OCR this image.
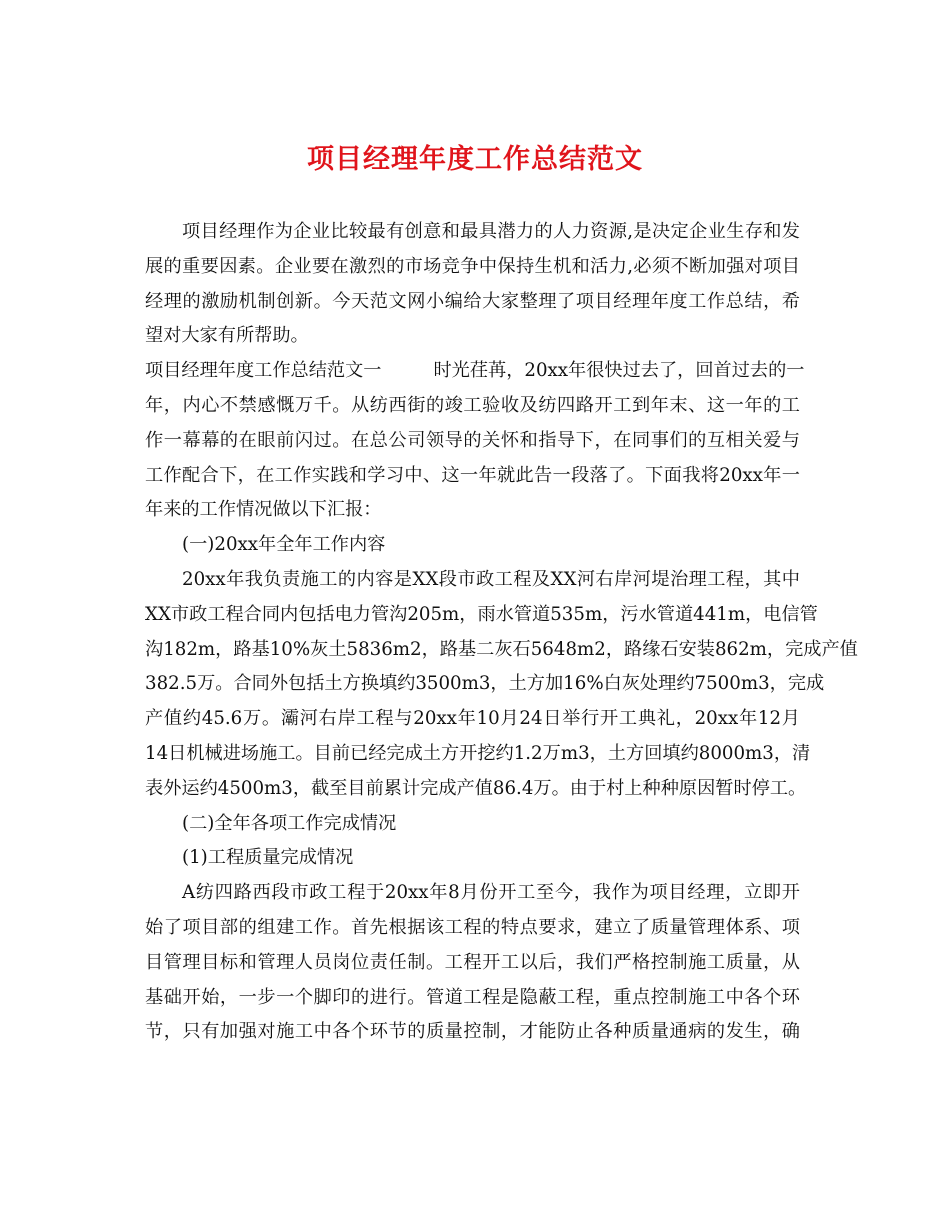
项目经理年度工作总结范文
项目经理作为企业比较最有创意和最具潜力的人力资源,是决定企业生存和发
展的重要因素。企业要在激烈的市场竞争中保持生机和活力,必须不断加强对项目
经理的激励机制创新。今天范文网小编给大家整理了项目经理年度工作总结，希
望对大家有所帮助。
项目经理年度工作总结范文一	时光荏苒，20xx年很快过去了，回首过去的一
年，内心不禁感慨万千。从纺西街的竣工验收及纺四路开工到年末、这一年的工
作一幕幕的在眼前闪过。在总公司领导的关怀和指导下，在同事们的互相关爱与
工作配合下，在工作实践和学习中、这一年就此告一段落了。下面我将20xx年一
年来的工作情况做以下汇报：
(一)20xx年全年工作内容
20xx年我负责施工的内容是XX段市政工程及XX河右岸河堤治理工程，其中
XX市政工程合同内包括电力管沟205m，雨水管道535m，污水管道441m，电信管
沟182m，路基10%灰土5836m2，路基二灰石5648m2，路缘石安装862m，完成产值
382.5万。合同外包括土方换填约3500m3，土方加16%白灰处理约7500m3，完成
产值约45.6万。灞河右岸工程与20xx年10月24日举行开工典礼，20xx年12月
14日机械进场施工。目前已经完成土方开挖约1.2万m3，土方回填约8000m3，清
表外运约4500m3，截至目前累计完成产值86.4万。由于村上种种原因暂时停工。
(二)全年各项工作完成情况
(1)工程质量完成情况
A纺四路西段市政工程于20xx年8月份开工至今，我作为项目经理，立即开
始了项目部的组建工作。首先根据该工程的特点要求，建立了质量管理体系、项
目管理目标和管理人员岗位责任制。工程开工以后，我们严格控制施工质量，从
基础开始，一步一个脚印的进行。管道工程是隐蔽工程，重点控制施工中各个环
节，只有加强对施工中各个环节的质量控制，才能防止各种质量通病的发生，确
